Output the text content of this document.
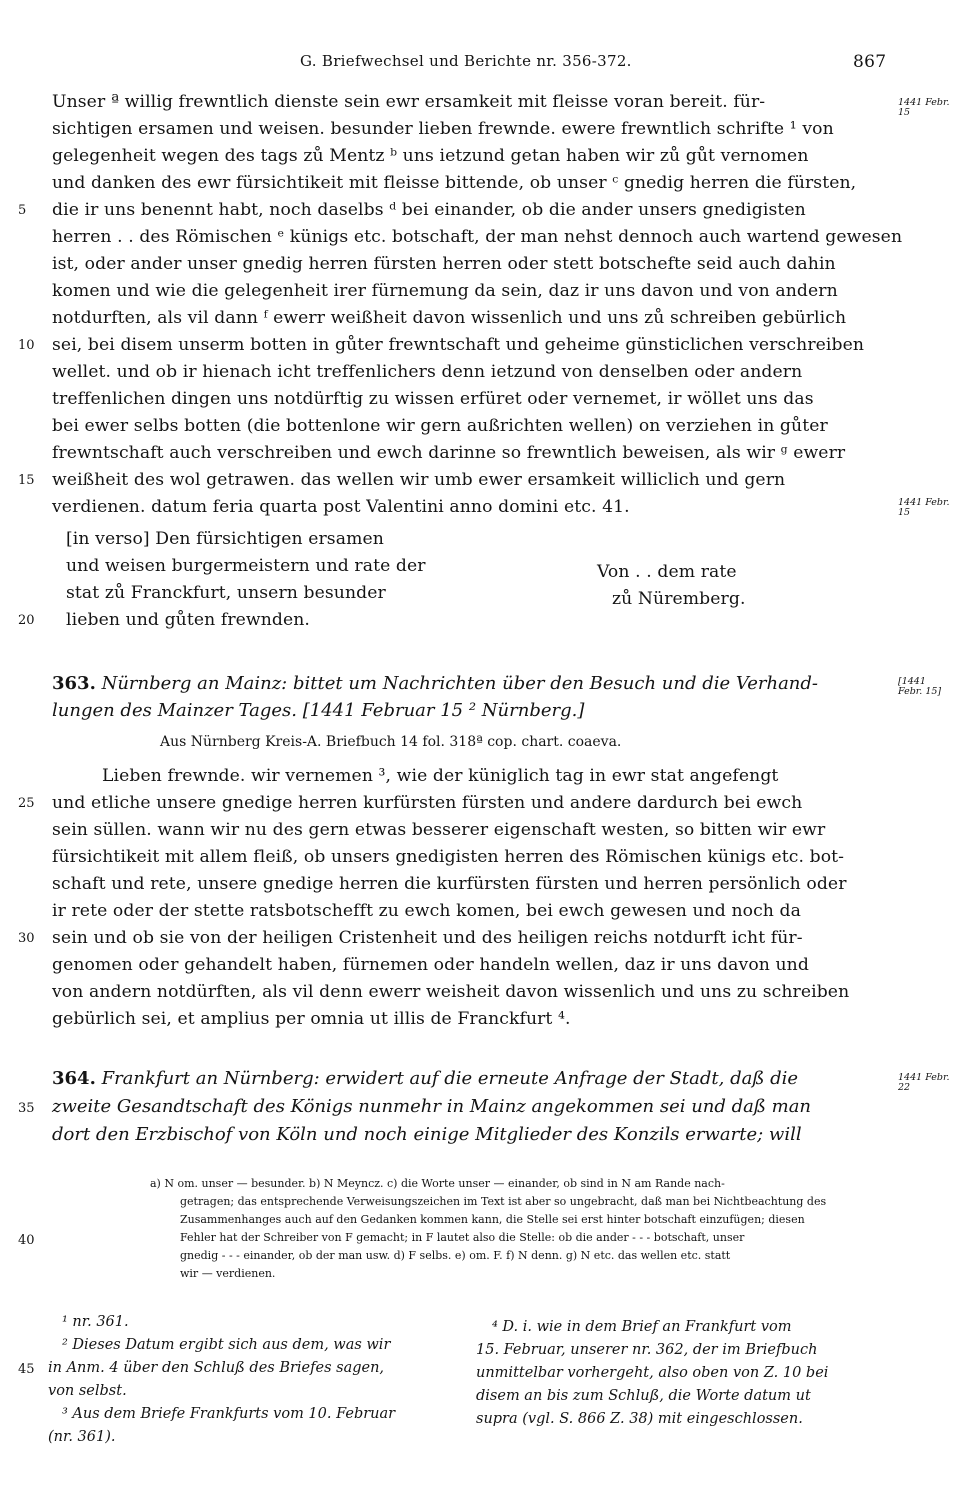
G. Briefwechsel und Berichte nr. 356-372.	867
1441 Febr. 15
1441 Febr. 15
[1441 Febr. 15]
1441 Febr. 22
Unser ª willig frewntlich dienste sein ewr ersamkeit mit fleisse voran bereit. für-
sichtigen ersamen und weisen. besunder lieben frewnde. ewere frewntlich schrifte ¹ von
gelegenheit wegen des tags zů Mentz ᵇ uns ietzund getan haben wir zů gůt vernomen
und danken des ewr fürsichtikeit mit fleisse bittende, ob unser ᶜ gnedig herren die fürsten,
5	die ir uns benennt habt, noch daselbs ᵈ bei einander, ob die ander unsers gnedigisten
herren . . des Römischen ᵉ künigs etc. botschaft, der man nehst dennoch auch wartend gewesen
ist, oder ander unser gnedig herren fürsten herren oder stett botschefte seid auch dahin
komen und wie die gelegenheit irer fürnemung da sein, daz ir uns davon und von andern
notdurften, als vil dann ᶠ ewerr weißheit davon wissenlich und uns zů schreiben gebürlich
10	sei, bei disem unserm botten in gůter frewntschaft und geheime günsticlichen verschreiben
wellet. und ob ir hienach icht treffenlichers denn ietzund von denselben oder andern
treffenlichen dingen uns notdürftig zu wissen erfüret oder vernemet, ir wöllet uns das
bei ewer selbs botten (die bottenlone wir gern außrichten wellen) on verziehen in gůter
frewntschaft auch verschreiben und ewch darinne so frewntlich beweisen, als wir ᵍ ewerr
15	weißheit des wol getrawen. das wellen wir umb ewer ersamkeit williclich und gern
verdienen. datum feria quarta post Valentini anno domini etc. 41.
[in verso] Den fürsichtigen ersamen
und weisen burgermeistern und rate der
stat zů Franckfurt, unsern besunder
20	lieben und gůten frewnden.
Von . . dem rate
zů Nüremberg.
363. Nürnberg an Mainz: bittet um Nachrichten über den Besuch und die Verhand-
lungen des Mainzer Tages. [1441 Februar 15 ² Nürnberg.]
Aus Nürnberg Kreis-A. Briefbuch 14 fol. 318ª cop. chart. coaeva.
Lieben frewnde. wir vernemen ³, wie der küniglich tag in ewr stat angefengt
25	und etliche unsere gnedige herren kurfürsten fürsten und andere dardurch bei ewch
sein süllen. wann wir nu des gern etwas besserer eigenschaft westen, so bitten wir ewr
fürsichtikeit mit allem fleiß, ob unsers gnedigisten herren des Römischen künigs etc. bot-
schaft und rete, unsere gnedige herren die kurfürsten fürsten und herren persönlich oder
ir rete oder der stette ratsbotschefft zu ewch komen, bei ewch gewesen und noch da
30	sein und ob sie von der heiligen Cristenheit und des heiligen reichs notdurft icht für-
genomen oder gehandelt haben, fürnemen oder handeln wellen, daz ir uns davon und
von andern notdürften, als vil denn ewerr weisheit davon wissenlich und uns zu schreiben
gebürlich sei, et amplius per omnia ut illis de Franckfurt ⁴.
364. Frankfurt an Nürnberg: erwidert auf die erneute Anfrage der Stadt, daß die
35 zweite Gesandtschaft des Königs nunmehr in Mainz angekommen sei und daß man
dort den Erzbischof von Köln und noch einige Mitglieder des Konzils erwarte; will
a) N om. unser — besunder. b) N Meyncz. c) die Worte unser — einander, ob sind in N am Rande nach-
getragen; das entsprechende Verweisungszeichen im Text ist aber so ungebracht, daß man bei Nichtbeachtung des
Zusammenhanges auch auf den Gedanken kommen kann, die Stelle sei erst hinter botschaft einzufügen; diesen
40	Fehler hat der Schreiber von F gemacht; in F lautet also die Stelle: ob die ander - - - botschaft, unser
gnedig - - - einander, ob der man usw. d) F selbs. e) om. F. f) N denn. g) N etc. das wellen etc. statt
wir — verdienen.
¹ nr. 361.
² Dieses Datum ergibt sich aus dem, was wir
45 in Anm. 4 über den Schluß des Briefes sagen,
von selbst.
³ Aus dem Briefe Frankfurts vom 10. Februar
(nr. 361).
⁴ D. i. wie in dem Brief an Frankfurt vom
15. Februar, unserer nr. 362, der im Briefbuch
unmittelbar vorhergeht, also oben von Z. 10 bei
disem an bis zum Schluß, die Worte datum ut
supra (vgl. S. 866 Z. 38) mit eingeschlossen.
